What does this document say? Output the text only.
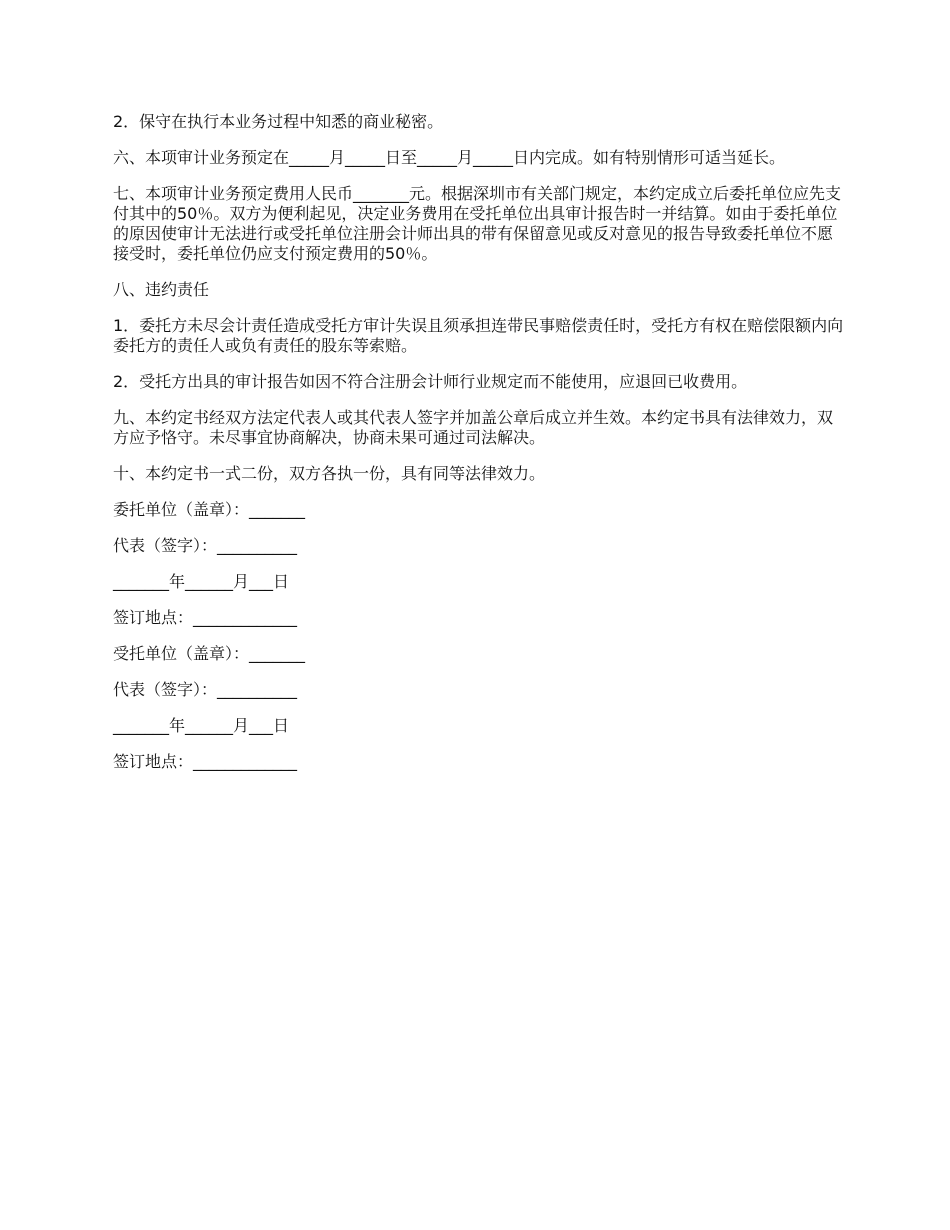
2．保守在执行本业务过程中知悉的商业秘密。

六、本项审计业务预定在_____月_____日至_____月_____日内完成。如有特别情形可适当延长。

七、本项审计业务预定费用人民币_______元。根据深圳市有关部门规定，本约定成立后委托单位应先支付其中的50％。双方为便利起见，决定业务费用在受托单位出具审计报告时一并结算。如由于委托单位的原因使审计无法进行或受托单位注册会计师出具的带有保留意见或反对意见的报告导致委托单位不愿接受时，委托单位仍应支付预定费用的50％。

八、违约责任

1．委托方未尽会计责任造成受托方审计失误且须承担连带民事赔偿责任时，受托方有权在赔偿限额内向委托方的责任人或负有责任的股东等索赔。

2．受托方出具的审计报告如因不符合注册会计师行业规定而不能使用，应退回已收费用。

九、本约定书经双方法定代表人或其代表人签字并加盖公章后成立并生效。本约定书具有法律效力，双方应予恪守。未尽事宜协商解决，协商未果可通过司法解决。

十、本约定书一式二份，双方各执一份，具有同等法律效力。

委托单位（盖章）：_______

代表（签字）：__________

_______年______月___日

签订地点：_____________

受托单位（盖章）：_______

代表（签字）：__________

_______年______月___日

签订地点：_____________
